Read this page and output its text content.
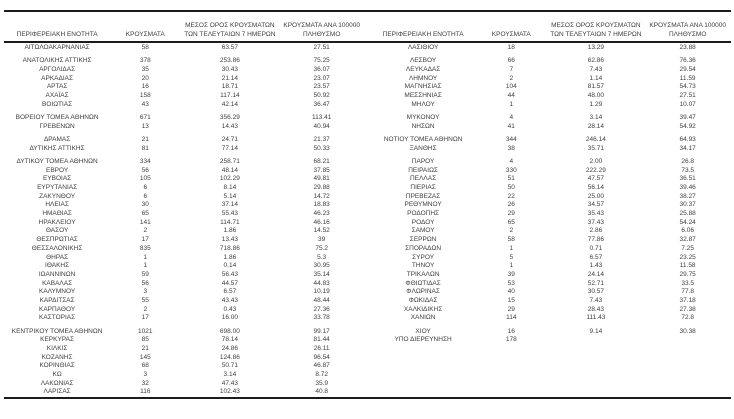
ΠΕΡΙΦΕΡΕΙΑΚΗ ΕΝΟΤΗΤΑ	ΚΡΟΥΣΜΑΤΑ
ΜΕΣΟΣ ΟΡΟΣ ΚΡΟΥΣΜΑΤΩΝ
ΤΩΝ ΤΕΛΕΥΤΑΙΩΝ 7 ΗΜΕΡΩΝ
ΚΡΟΥΣΜΑΤΑ ΑΝΑ 100000
ΠΛΗΘΥΣΜΟ
ΑΙΤΩΛΟΑΚΑΡΝΑΝΙΑΣ	58	63.57	27.51
ΑΝΑΤΟΛΙΚΗΣ ΑΤΤΙΚΗΣ	378	253.86	75.25
ΑΡΓΟΛΙΔΑΣ	35	30.43	36.07
ΑΡΚΑΔΙΑΣ	20	21.14	23.07
ΑΡΤΑΣ	16	18.71	23.57
ΑΧΑΪΑΣ	158	117.14	50.92
ΒΟΙΩΤΙΑΣ	43	42.14	36.47
ΒΟΡΕΙΟΥ ΤΟΜΕΑ ΑΘΗΝΩΝ	671	356.29	113.41
ΓΡΕΒΕΝΩΝ	13	14.43	40.94
ΔΡΑΜΑΣ	21	24.71	21.37
ΔΥΤΙΚΗΣ ΑΤΤΙΚΗΣ	81	77.14	50.33
ΔΥΤΙΚΟΥ ΤΟΜΕΑ ΑΘΗΝΩΝ	334	258.71	68.21
ΕΒΡΟΥ	56	48.14	37.85
ΕΥΒΟΙΑΣ	105	102.29	49.81
ΕΥΡΥΤΑΝΙΑΣ	6	8.14	29.88
ΖΑΚΥΝΘΟΥ	6	5.14	14.72
ΗΛΕΙΑΣ	30	37.14	18.83
ΗΜΑΘΙΑΣ	65	55.43	46.23
ΗΡΑΚΛΕΙΟΥ	141	114.71	46.16
ΘΑΣΟΥ	2	1.86	14.52
ΘΕΣΠΡΩΤΙΑΣ	17	13.43	39
ΘΕΣΣΑΛΟΝΙΚΗΣ	835	718.86	75.2
ΘΗΡΑΣ	1	1.86	5.3
ΙΘΑΚΗΣ	1	0.14	30.95
ΙΩΑΝΝΙΝΩΝ	59	56.43	35.14
ΚΑΒΑΛΑΣ	56	44.57	44.83
ΚΑΛΥΜΝΟΥ	3	6.57	10.19
ΚΑΡΔΙΤΣΑΣ	55	43.43	48.44
ΚΑΡΠΑΘΟΥ	2	0.43	27.36
ΚΑΣΤΟΡΙΑΣ	17	16.00	33.78
ΚΕΝΤΡΙΚΟΥ ΤΟΜΕΑ ΑΘΗΝΩΝ	1021	698.00	99.17
ΚΕΡΚΥΡΑΣ	85	78.14	81.44
ΚΙΛΚΙΣ	21	24.86	26.11
ΚΟΖΑΝΗΣ	145	124.86	96.54
ΚΟΡΙΝΘΙΑΣ	68	50.71	46.87
ΚΩ	3	3.14	8.72
ΛΑΚΩΝΙΑΣ	32	47.43	35.9
ΛΑΡΙΣΑΣ	116	102.43	40.8
ΠΕΡΙΦΕΡΕΙΑΚΗ ΕΝΟΤΗΤΑ	ΚΡΟΥΣΜΑΤΑ
ΜΕΣΟΣ ΟΡΟΣ ΚΡΟΥΣΜΑΤΩΝ
ΤΩΝ ΤΕΛΕΥΤΑΙΩΝ 7 ΗΜΕΡΩΝ
ΚΡΟΥΣΜΑΤΑ ΑΝΑ 100000
ΠΛΗΘΥΣΜΟ
ΛΑΣΙΘΙΟΥ	18	13.29	23.88
ΛΕΣΒΟΥ	66	62.86	76.36
ΛΕΥΚΑΔΑΣ	7	7.43	29.54
ΛΗΜΝΟΥ	2	1.14	11.59
ΜΑΓΝΗΣΙΑΣ	104	81.57	54.73
ΜΕΣΣΗΝΙΑΣ	44	48.00	27.51
ΜΗΛΟΥ	1	1.29	10.07
ΜΥΚΟΝΟΥ	4	3.14	39.47
ΝΗΣΩΝ	41	28.14	54.92
ΝΟΤΙΟΥ ΤΟΜΕΑ ΑΘΗΝΩΝ	344	246.14	64.93
ΞΑΝΘΗΣ	38	35.71	34.17
ΠΑΡΟΥ	4	2.00	26.8
ΠΕΙΡΑΙΩΣ	330	222.29	73.5
ΠΕΛΛΑΣ	51	47.57	36.51
ΠΙΕΡΙΑΣ	50	56.14	39.46
ΠΡΕΒΕΖΑΣ	22	25.00	38.27
ΡΕΘΥΜΝΟΥ	26	34.57	30.37
ΡΟΔΟΠΗΣ	29	35.43	25.88
ΡΟΔΟΥ	65	37.43	54.24
ΣΑΜΟΥ	2	2.86	6.06
ΣΕΡΡΩΝ	58	77.86	32.87
ΣΠΟΡΑΔΩΝ	1	0.71	7.25
ΣΥΡΟΥ	5	6.57	23.25
ΤΗΝΟΥ	1	1.43	11.58
ΤΡΙΚΑΛΩΝ	39	24.14	29.75
ΦΘΙΩΤΙΔΑΣ	53	52.71	33.5
ΦΛΩΡΙΝΑΣ	40	30.57	77.8
ΦΩΚΙΔΑΣ	15	7.43	37.18
ΧΑΛΚΙΔΙΚΗΣ	29	28.43	27.38
ΧΑΝΙΩΝ	114	111.43	72.8
ΧΙΟΥ	16	9.14	30.38
ΥΠΟ ΔΙΕΡΕΥΝΗΣΗ	178
